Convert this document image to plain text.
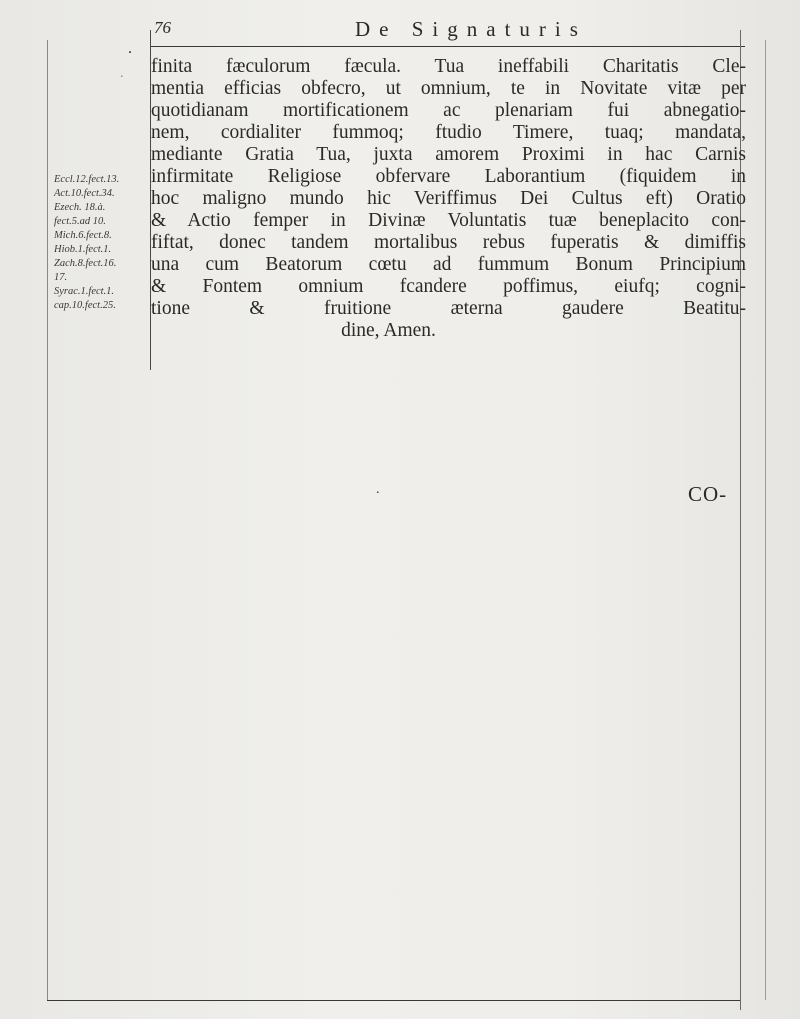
76	De Signaturis
.
. finita fæculorum fæcula. Tua ineffabili Charitatis Cle-
mentia efficias obfecro, ut omnium, te in Novitate vitæ per
quotidianam mortificationem ac plenariam fui abnegatio-
nem, cordialiter fummoq; ftudio Timere, tuaq; mandata,
mediante Gratia Tua, juxta amorem Proximi in hac Carnis
infirmitate Religiose obfervare Laborantium (fiquidem in
hoc maligno mundo hic Veriffimus Dei Cultus eft) Oratio
& Actio femper in Divinæ Voluntatis tuæ beneplacito con-
fiftat, donec tandem mortalibus rebus fuperatis & dimiffis
una cum Beatorum cœtu ad fummum Bonum Principium
& Fontem omnium fcandere poffimus, eiufq; cogni-
tione & fruitione æterna gaudere Beatitu-
dine, Amen.
Eccl.12.fect.13.
Act.10.fect.34.
Ezech. 18.à.
fect.5.ad 10.
Mich.6.fect.8.
Hiob.1.fect.1.
Zach.8.fect.16.
17.
Syrac.1.fect.1.
cap.10.fect.25.
.	CO-
